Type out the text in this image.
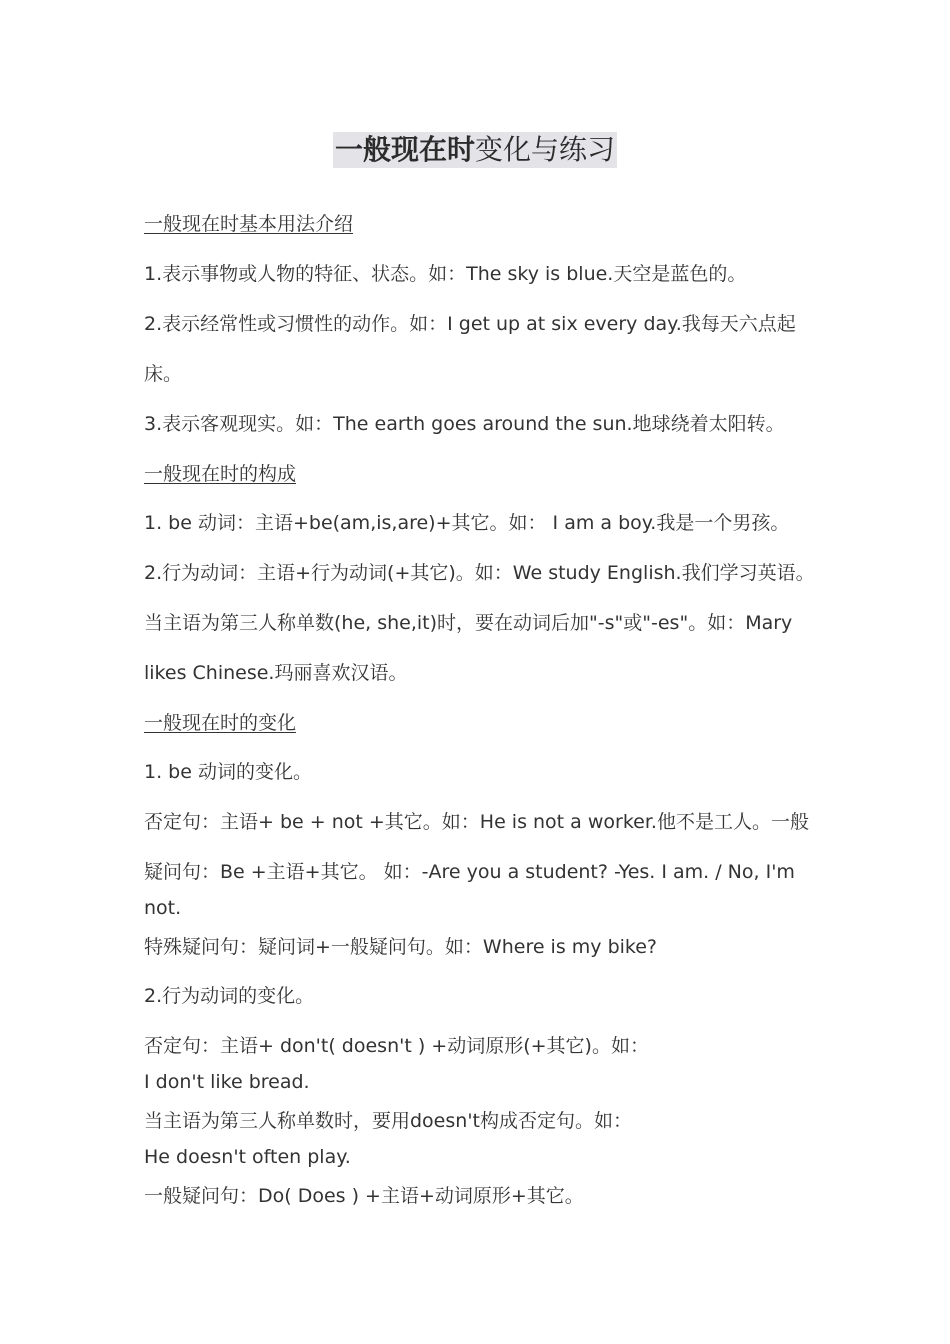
一般现在时变化与练习
一般现在时基本用法介绍
1.表示事物或人物的特征、状态。如：The sky is blue.天空是蓝色的。
2.表示经常性或习惯性的动作。如：I get up at six every day.我每天六点起
床。
3.表示客观现实。如：The earth goes around the sun.地球绕着太阳转。
一般现在时的构成
1. be 动词：主语+be(am,is,are)+其它。如： I am a boy.我是一个男孩。
2.行为动词：主语+行为动词(+其它)。如：We study English.我们学习英语。
当主语为第三人称单数(he, she,it)时，要在动词后加"-s"或"-es"。如：Mary
likes Chinese.玛丽喜欢汉语。
一般现在时的变化
1. be 动词的变化。
否定句：主语+ be + not +其它。如：He is not a worker.他不是工人。一般
疑问句：Be +主语+其它。 如：-Are you a student? -Yes. I am. / No, I'm
not.
特殊疑问句：疑问词+一般疑问句。如：Where is my bike?
2.行为动词的变化。
否定句：主语+ don't( doesn't ) +动词原形(+其它)。如：
I don't like bread.
当主语为第三人称单数时，要用doesn't构成否定句。如：
He doesn't often play.
一般疑问句：Do( Does ) +主语+动词原形+其它。
